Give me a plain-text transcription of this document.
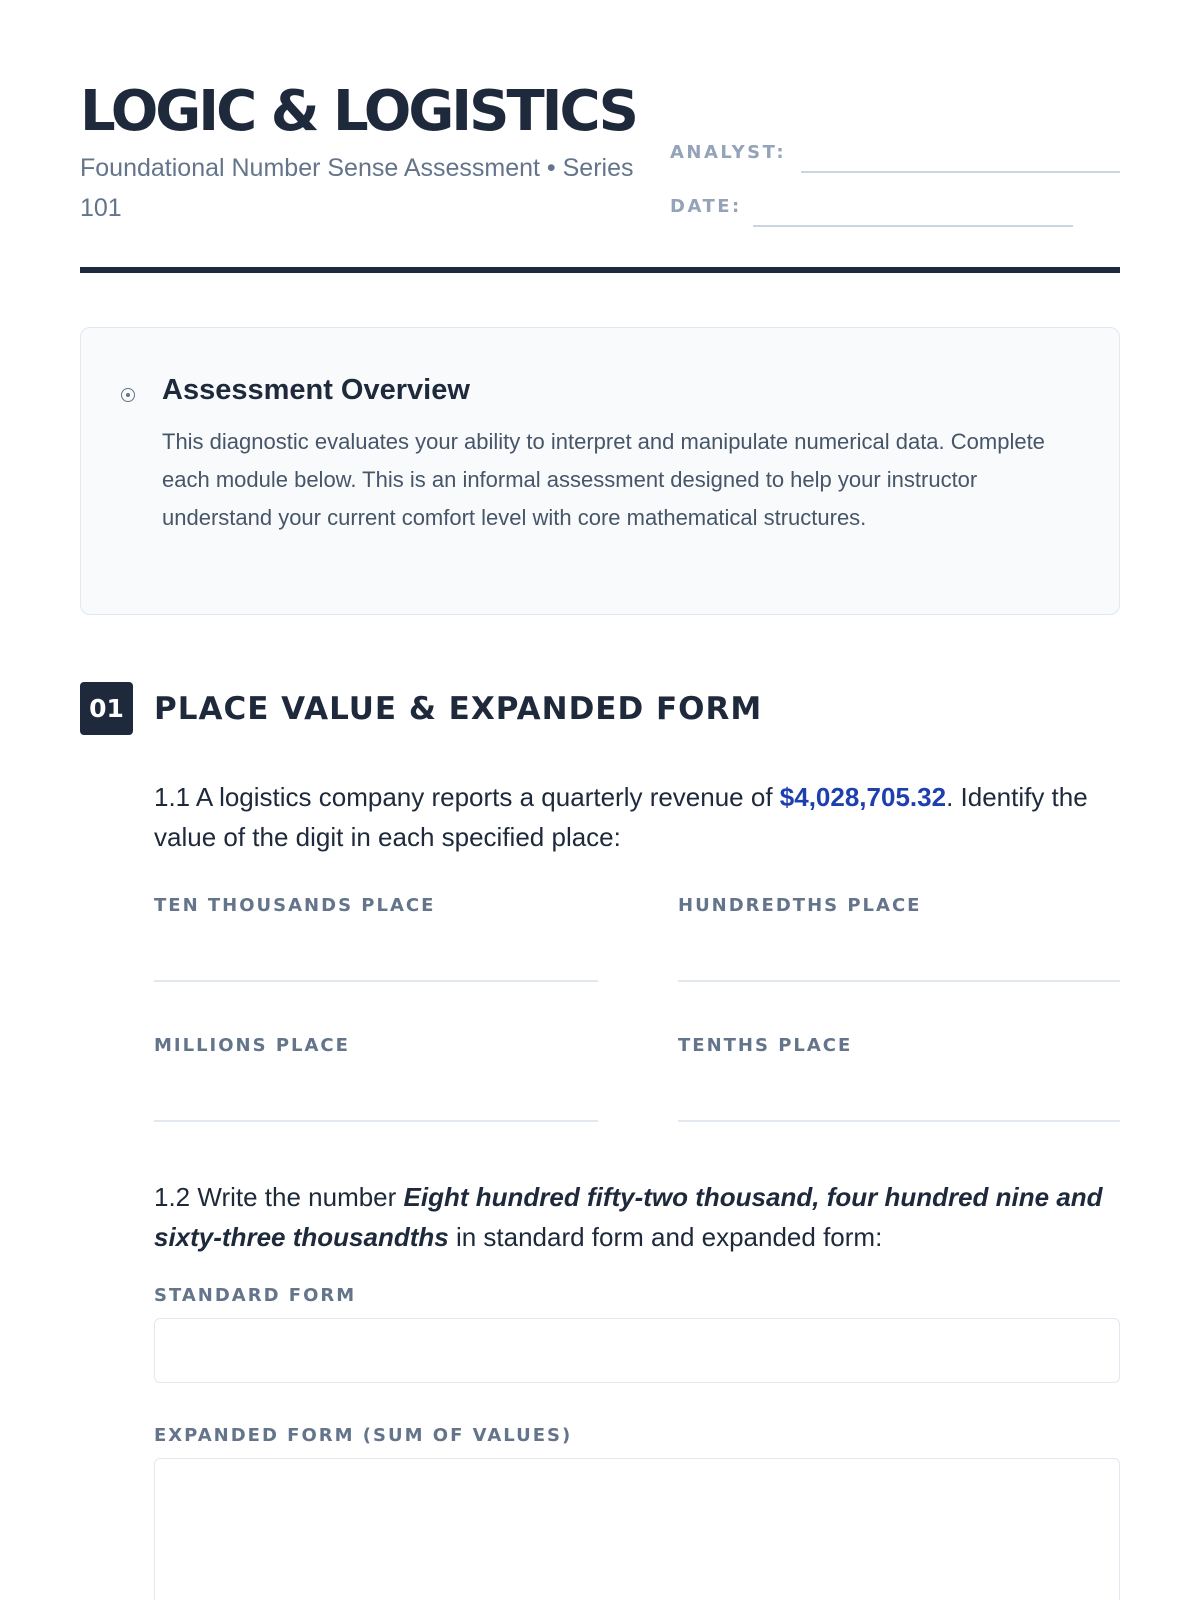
LOGIC & LOGISTICS
Foundational Number Sense Assessment • Series 101
ANALYST:
DATE:
Assessment Overview
This diagnostic evaluates your ability to interpret and manipulate numerical data. Complete each module below. This is an informal assessment designed to help your instructor understand your current comfort level with core mathematical structures.
01 PLACE VALUE & EXPANDED FORM
1.1 A logistics company reports a quarterly revenue of $4,028,705.32. Identify the value of the digit in each specified place:
TEN THOUSANDS PLACE	HUNDREDTHS PLACE
MILLIONS PLACE	TENTHS PLACE
1.2 Write the number Eight hundred fifty-two thousand, four hundred nine and sixty-three thousandths in standard form and expanded form:
STANDARD FORM
EXPANDED FORM (SUM OF VALUES)
